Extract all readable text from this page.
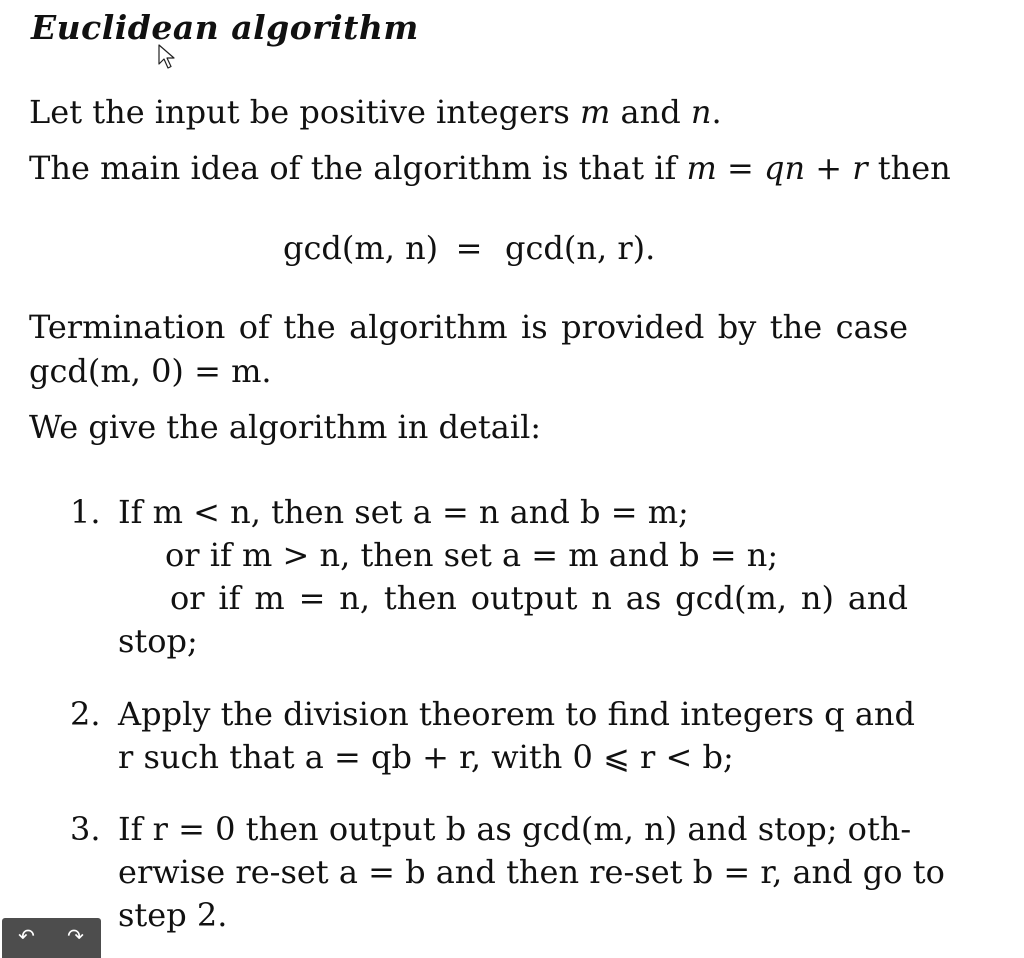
Euclidean algorithm
Let the input be positive integers m and n.
The main idea of the algorithm is that if m = qn + r then
gcd(m, n) = gcd(n, r).
Termination of the algorithm is provided by the case
gcd(m, 0) = m.
We give the algorithm in detail:
1. If m < n, then set a = n and b = m;
or if m > n, then set a = m and b = n;
or if m = n, then output n as gcd(m, n) and
stop;
2. Apply the division theorem to find integers q and
r such that a = qb + r, with 0 ⩽ r < b;
3. If r = 0 then output b as gcd(m, n) and stop; oth-
erwise re-set a = b and then re-set b = r, and go to
step 2.
↶ ↷
